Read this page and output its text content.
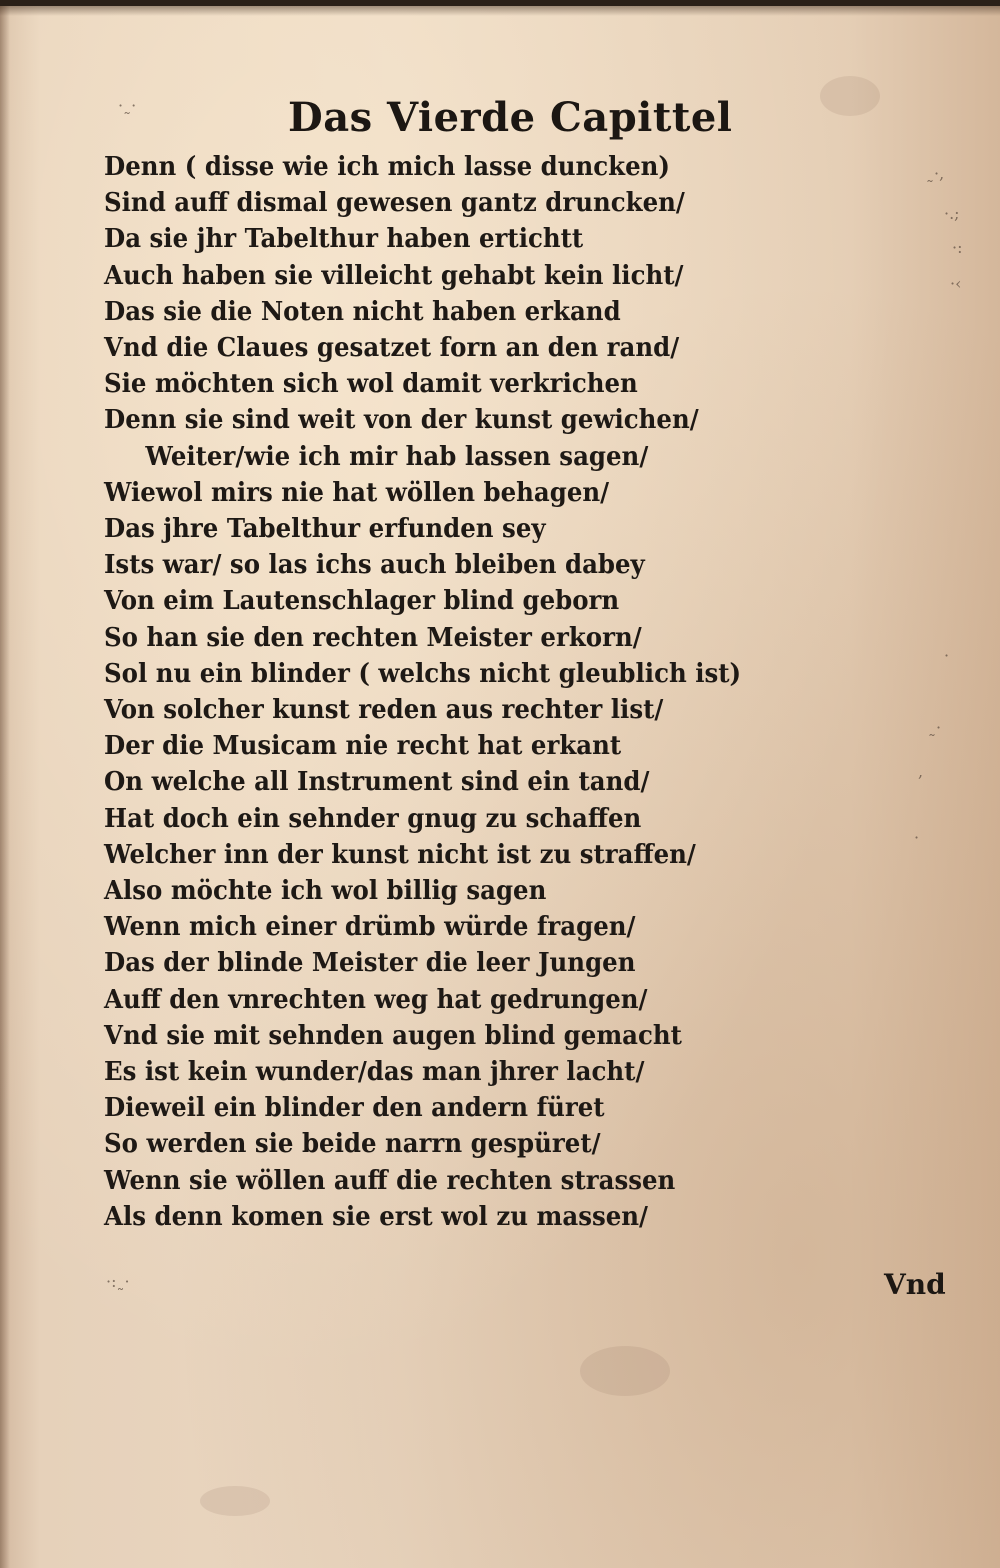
Das Vierde Capittel
Denn ( disse wie ich mich lasse duncken)
Sind auff dismal gewesen gantz druncken/
Da sie jhr Tabelthur haben ertichtt
Auch haben sie villeicht gehabt kein licht/
Das sie die Noten nicht haben erkand
Vnd die Claues gesatzet forn an den rand/
Sie möchten sich wol damit verkrichen
Denn sie sind weit von der kunst gewichen/
Weiter/wie ich mir hab lassen sagen/
Wiewol mirs nie hat wöllen behagen/
Das jhre Tabelthur erfunden sey
Ists war/ so las ichs auch bleiben dabey
Von eim Lautenschlager blind geborn
So han sie den rechten Meister erkorn/
Sol nu ein blinder ( welchs nicht gleublich ist)
Von solcher kunst reden aus rechter list/
Der die Musicam nie recht hat erkant
On welche all Instrument sind ein tand/
Hat doch ein sehnder gnug zu schaffen
Welcher inn der kunst nicht ist zu straffen/
Also möchte ich wol billig sagen
Wenn mich einer drümb würde fragen/
Das der blinde Meister die leer Jungen
Auff den vnrechten weg hat gedrungen/
Vnd sie mit sehnden augen blind gemacht
Es ist kein wunder/das man jhrer lacht/
Dieweil ein blinder den andern füret
So werden sie beide narrn gespüret/
Wenn sie wöllen auff die rechten strassen
Als denn komen sie erst wol zu massen/
Vnd
˷·,
·.;
·:
·‹
·
˷·
,
·
·˷·
·:˷·
